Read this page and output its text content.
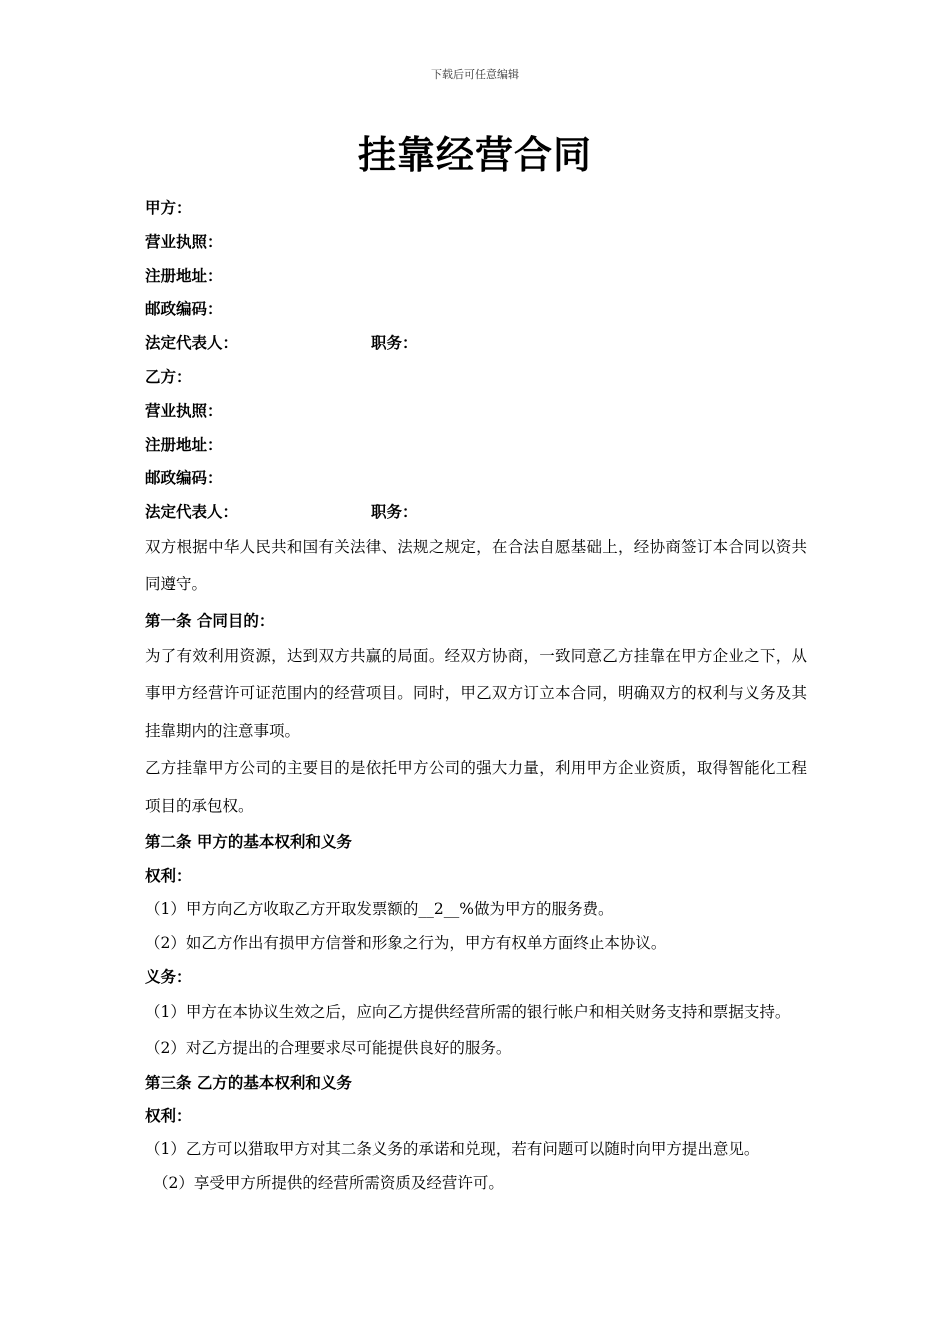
下载后可任意编辑
挂靠经营合同
甲方：
营业执照：
注册地址：
邮政编码：
法定代表人：	职务：
乙方：
营业执照：
注册地址：
邮政编码：
法定代表人：	职务：
双方根据中华人民共和国有关法律、法规之规定，在合法自愿基础上，经协商签订本合同以资共同遵守。
第一条 合同目的：
为了有效利用资源，达到双方共赢的局面。经双方协商，一致同意乙方挂靠在甲方企业之下，从事甲方经营许可证范围内的经营项目。同时，甲乙双方订立本合同，明确双方的权利与义务及其挂靠期内的注意事项。
乙方挂靠甲方公司的主要目的是依托甲方公司的强大力量，利用甲方企业资质，取得智能化工程项目的承包权。
第二条 甲方的基本权利和义务
权利：
（1）甲方向乙方收取乙方开取发票额的__2__%做为甲方的服务费。
（2）如乙方作出有损甲方信誉和形象之行为，甲方有权单方面终止本协议。
义务：
（1）甲方在本协议生效之后，应向乙方提供经营所需的银行帐户和相关财务支持和票据支持。
（2）对乙方提出的合理要求尽可能提供良好的服务。
第三条 乙方的基本权利和义务
权利：
（1）乙方可以猎取甲方对其二条义务的承诺和兑现，若有问题可以随时向甲方提出意见。
（2）享受甲方所提供的经营所需资质及经营许可。
